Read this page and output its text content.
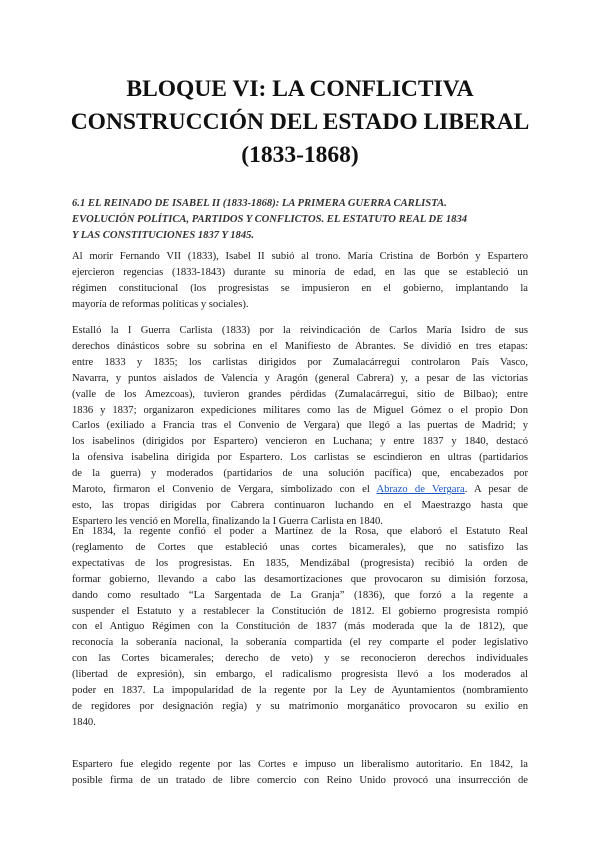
BLOQUE VI: LA CONFLICTIVA
CONSTRUCCIÓN DEL ESTADO LIBERAL
(1833-1868)
6.1 EL REINADO DE ISABEL II (1833-1868): LA PRIMERA GUERRA CARLISTA.
EVOLUCIÓN POLÍTICA, PARTIDOS Y CONFLICTOS. EL ESTATUTO REAL DE 1834
Y LAS CONSTITUCIONES 1837 Y 1845.

Al morir Fernando VII (1833), Isabel II subió al trono. María Cristina de Borbón y Espartero
ejercieron regencias (1833-1843) durante su minoría de edad, en las que se estableció un
régimen constitucional (los progresistas se impusieron en el gobierno, implantando la
mayoría de reformas políticas y sociales).

Estalló la I Guerra Carlista (1833) por la reivindicación de Carlos María Isidro de sus
derechos dinásticos sobre su sobrina en el Manifiesto de Abrantes. Se dividió en tres etapas:
entre 1833 y 1835; los carlistas dirigidos por Zumalacárregui controlaron País Vasco,
Navarra, y puntos aislados de Valencia y Aragón (general Cabrera) y, a pesar de las victorias
(valle de los Amezcoas), tuvieron grandes pérdidas (Zumalacárregui, sitio de Bilbao); entre
1836 y 1837; organizaron expediciones militares como las de Miguel Gómez o el propio Don
Carlos (exiliado a Francia tras el Convenio de Vergara) que llegó a las puertas de Madrid; y
los isabelinos (dirigidos por Espartero) vencieron en Luchana; y entre 1837 y 1840, destacó
la ofensiva isabelina dirigida por Espartero. Los carlistas se escindieron en ultras (partidarios
de la guerra) y moderados (partidarios de una solución pacífica) que, encabezados por
Maroto, firmaron el Convenio de Vergara, simbolizado con el Abrazo de Vergara. A pesar de
esto, las tropas dirigidas por Cabrera continuaron luchando en el Maestrazgo hasta que
Espartero les venció en Morella, finalizando la I Guerra Carlista en 1840.

En 1834, la regente confió el poder a Martínez de la Rosa, que elaboró el Estatuto Real
(reglamento de Cortes que estableció unas cortes bicamerales), que no satisfizo las
expectativas de los progresistas. En 1835, Mendizábal (progresista) recibió la orden de
formar gobierno, llevando a cabo las desamortizaciones que provocaron su dimisión forzosa,
dando como resultado “La Sargentada de La Granja” (1836), que forzó a la regente a
suspender el Estatuto y a restablecer la Constitución de 1812. El gobierno progresista rompió
con el Antiguo Régimen con la Constitución de 1837 (más moderada que la de 1812), que
reconocía la soberanía nacional, la soberanía compartida (el rey comparte el poder legislativo
con las Cortes bicamerales; derecho de veto) y se reconocieron derechos individuales
(libertad de expresión), sin embargo, el radicalismo progresista llevó a los moderados al
poder en 1837. La impopularidad de la regente por la Ley de Ayuntamientos (nombramiento
de regidores por designación regia) y su matrimonio morganático provocaron su exilio en
1840.

Espartero fue elegido regente por las Cortes e impuso un liberalismo autoritario. En 1842, la
posible firma de un tratado de libre comercio con Reino Unido provocó una insurrección de
